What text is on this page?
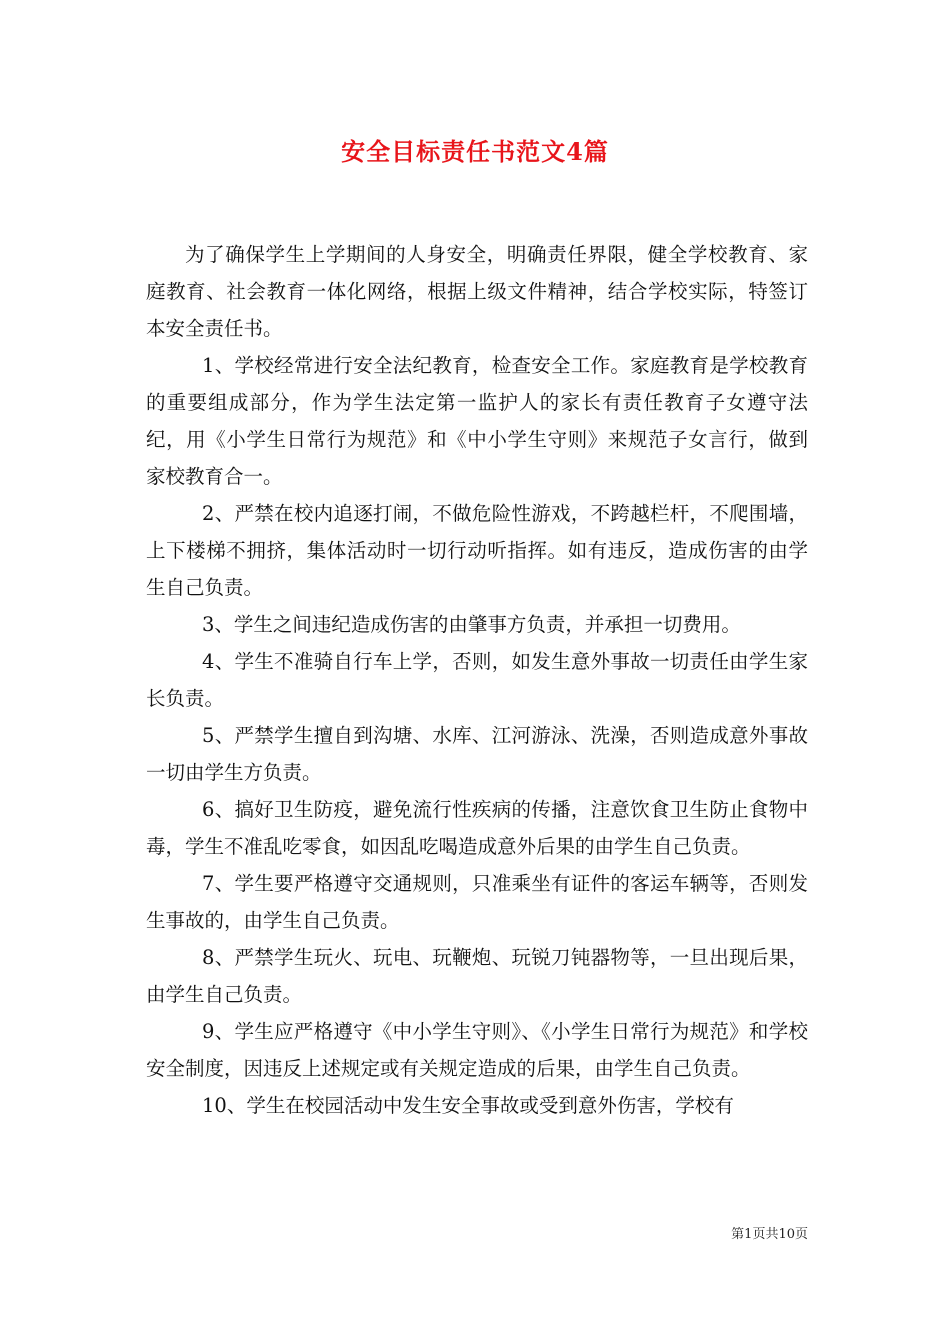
安全目标责任书范文4篇

为了确保学生上学期间的人身安全，明确责任界限，健全学校教育、家庭教育、社会教育一体化网络，根据上级文件精神，结合学校实际，特签订本安全责任书。

1、学校经常进行安全法纪教育，检查安全工作。家庭教育是学校教育的重要组成部分，作为学生法定第一监护人的家长有责任教育子女遵守法纪，用《小学生日常行为规范》和《中小学生守则》来规范子女言行，做到家校教育合一。

2、严禁在校内追逐打闹，不做危险性游戏，不跨越栏杆，不爬围墙，上下楼梯不拥挤，集体活动时一切行动听指挥。如有违反，造成伤害的由学生自己负责。

3、学生之间违纪造成伤害的由肇事方负责，并承担一切费用。

4、学生不准骑自行车上学，否则，如发生意外事故一切责任由学生家长负责。

5、严禁学生擅自到沟塘、水库、江河游泳、洗澡，否则造成意外事故一切由学生方负责。

6、搞好卫生防疫，避免流行性疾病的传播，注意饮食卫生防止食物中毒，学生不准乱吃零食，如因乱吃喝造成意外后果的由学生自己负责。

7、学生要严格遵守交通规则，只准乘坐有证件的客运车辆等，否则发生事故的，由学生自己负责。

8、严禁学生玩火、玩电、玩鞭炮、玩锐刀钝器物等，一旦出现后果，由学生自己负责。

9、学生应严格遵守《中小学生守则》、《小学生日常行为规范》和学校安全制度，因违反上述规定或有关规定造成的后果，由学生自己负责。

10、学生在校园活动中发生安全事故或受到意外伤害，学校有

第1页共10页
